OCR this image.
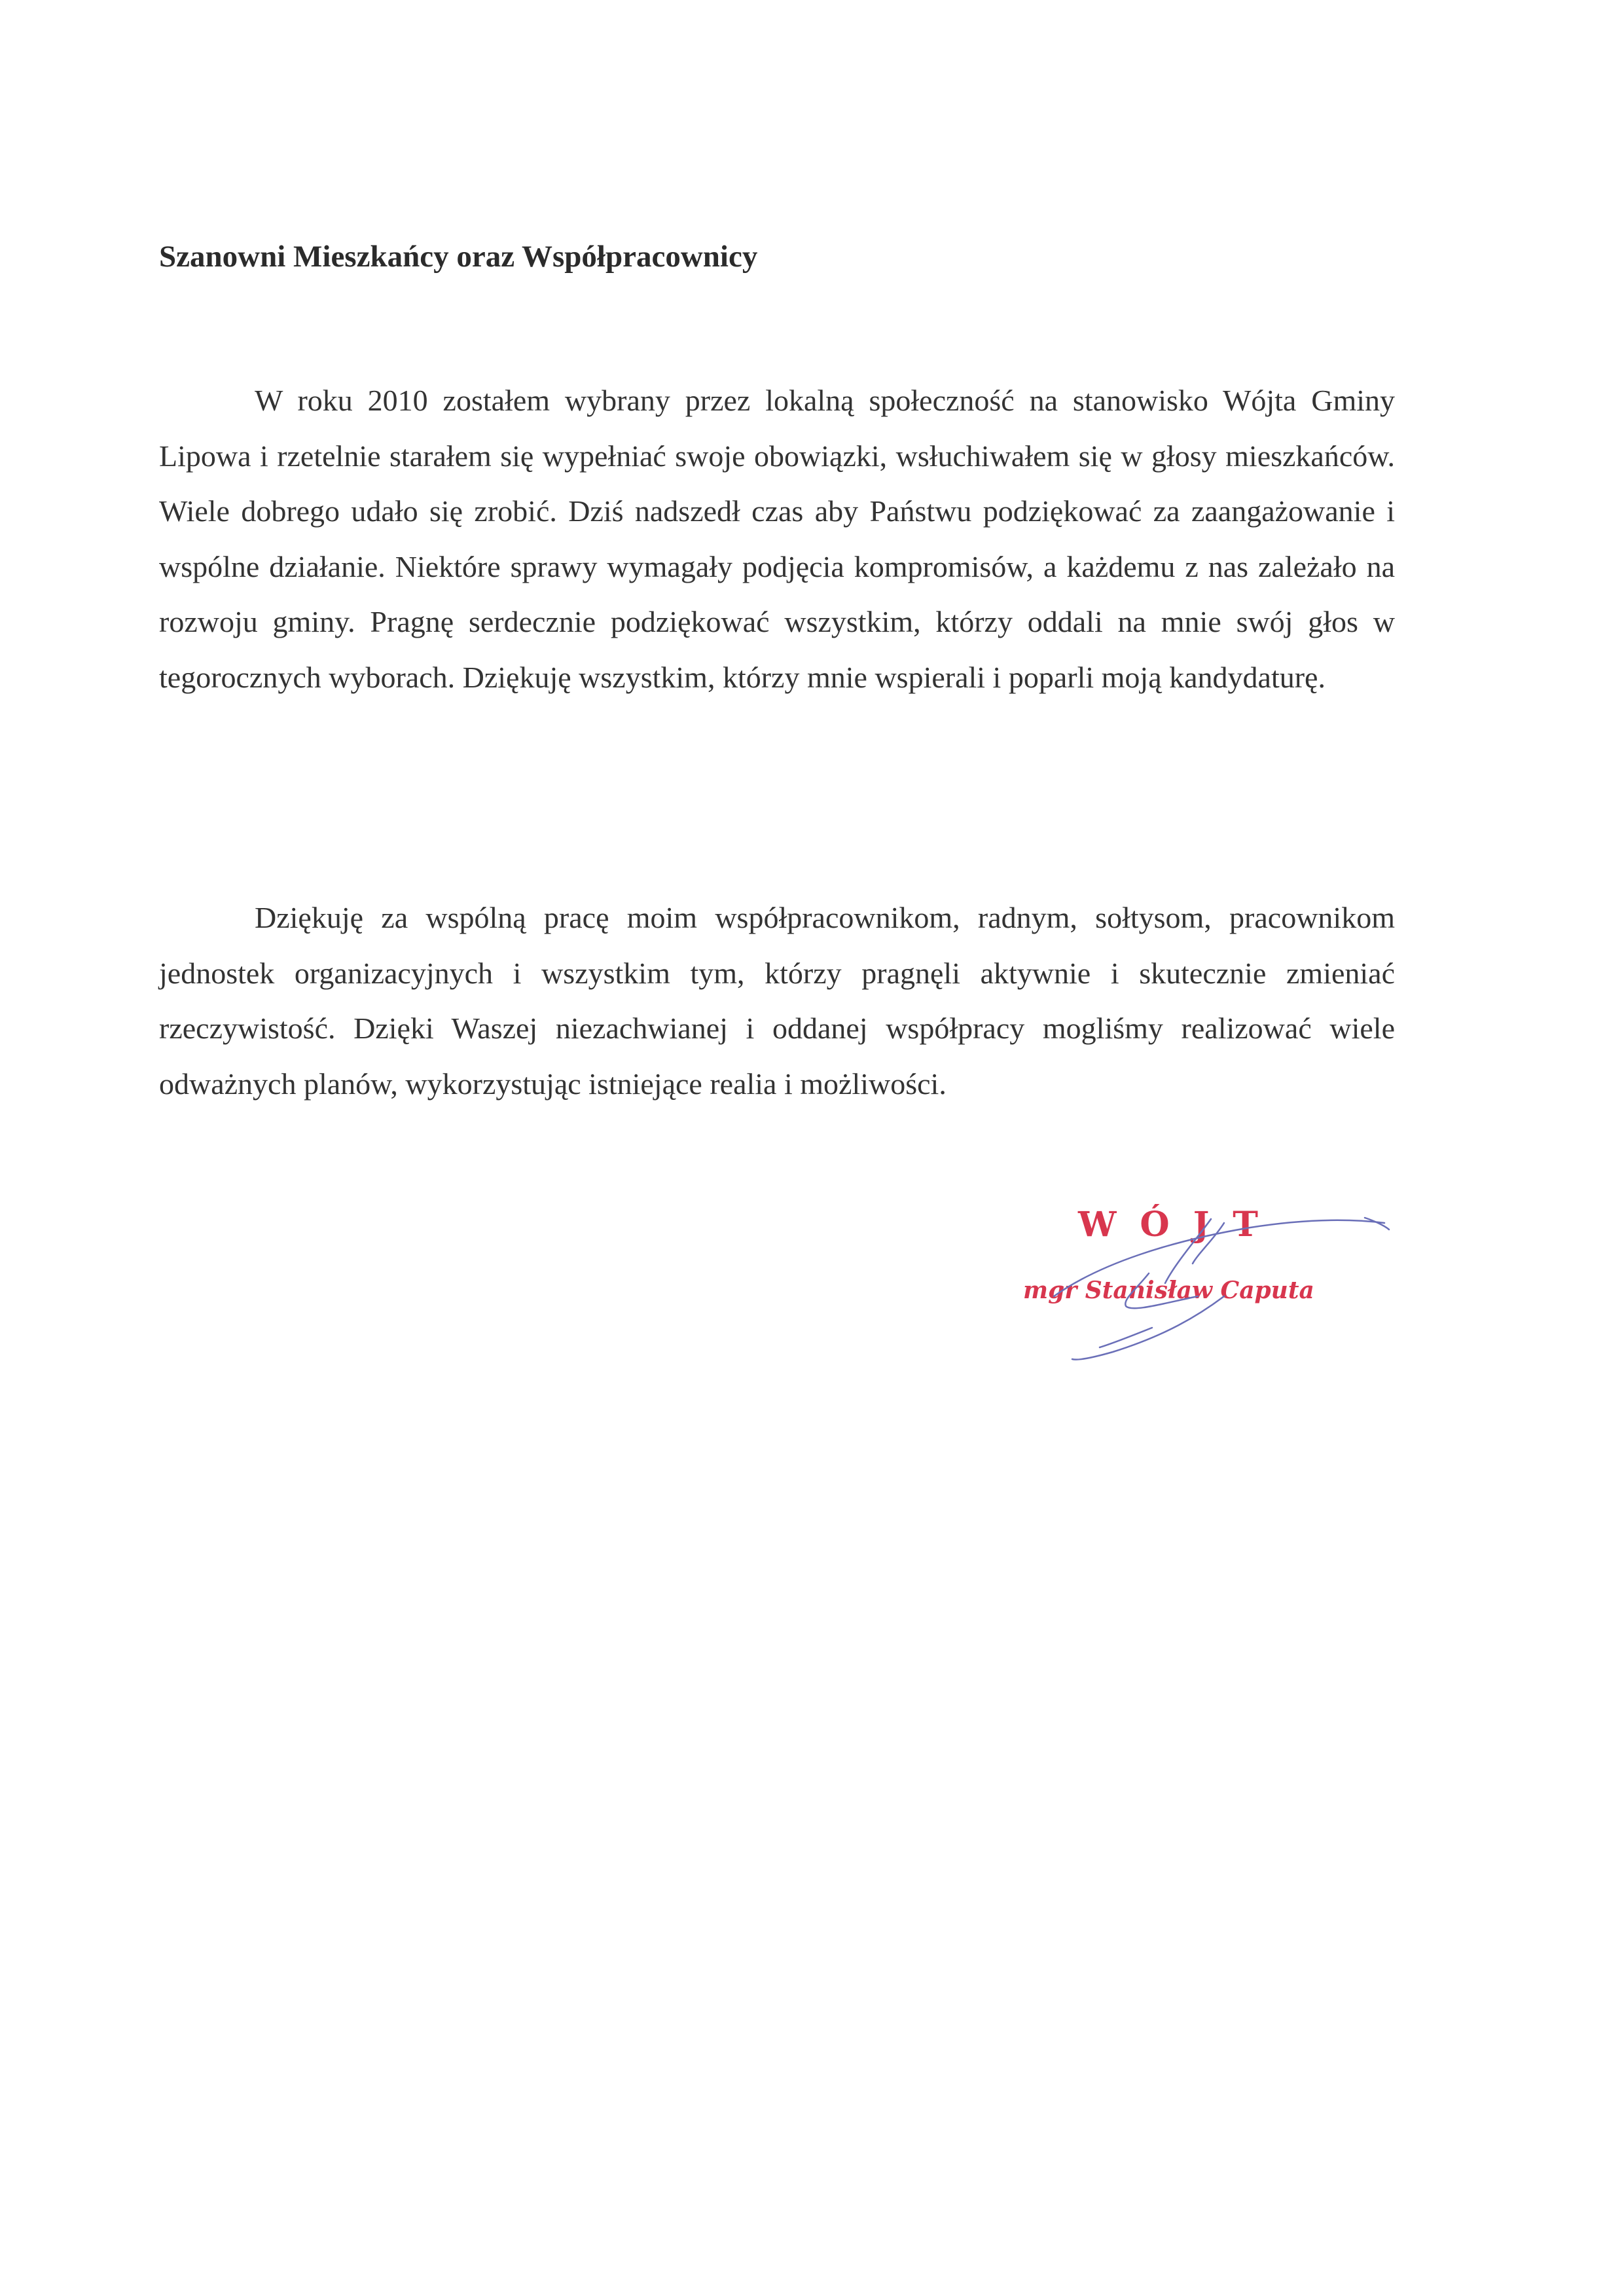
Szanowni Mieszkańcy oraz Współpracownicy

W roku 2010 zostałem wybrany przez lokalną społeczność na stanowisko Wójta Gminy Lipowa i rzetelnie starałem się wypełniać swoje obowiązki, wsłuchiwałem się w głosy mieszkańców. Wiele dobrego udało się zrobić. Dziś nadszedł czas aby Państwu podziękować za zaangażowanie i wspólne działanie. Niektóre sprawy wymagały podjęcia kompromisów, a każdemu z nas zależało na rozwoju gminy. Pragnę serdecznie podziękować wszystkim, którzy oddali na mnie swój głos w tegorocznych wyborach. Dziękuję wszystkim, którzy mnie wspierali i poparli moją kandydaturę.

Dziękuję za wspólną pracę moim współpracownikom, radnym, sołtysom, pracownikom jednostek organizacyjnych i wszystkim tym, którzy pragnęli aktywnie i skutecznie zmieniać rzeczywistość. Dzięki Waszej niezachwianej i oddanej współpracy mogliśmy realizować wiele odważnych planów, wykorzystując istniejące realia i możliwości.

WÓJT
mgr Stanisław Caputa
